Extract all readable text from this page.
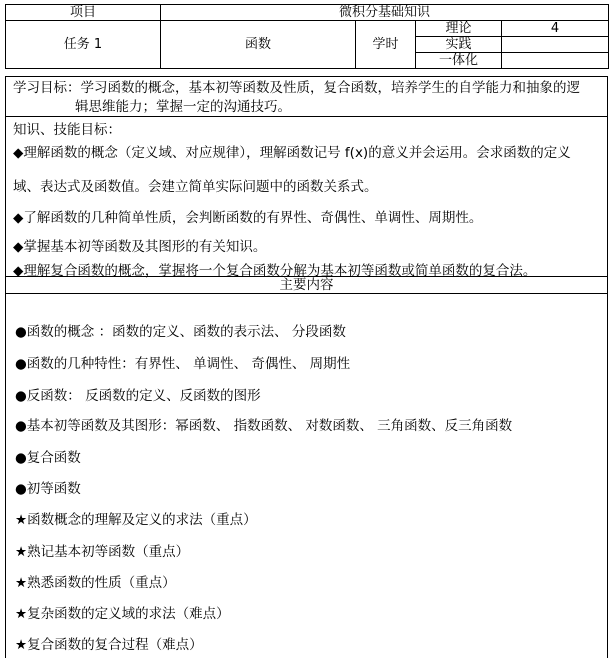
项目	微积分基础知识			
任务 1	函数	学时	理论	4
			实践	
			一体化	
学习目标：学习函数的概念，基本初等函数及性质，复合函数，培养学生的自学能力和抽象的逻
辑思维能力；掌握一定的沟通技巧。
知识、技能目标：
◆理解函数的概念（定义域、对应规律），理解函数记号 f(x)的意义并会运用。会求函数的定义
域、表达式及函数值。会建立简单实际问题中的函数关系式。
◆了解函数的几种简单性质，会判断函数的有界性、奇偶性、单调性、周期性。
◆掌握基本初等函数及其图形的有关知识。
◆理解复合函数的概念，掌握将一个复合函数分解为基本初等函数或简单函数的复合法。
主要内容
●函数的概念 ：函数的定义、函数的表示法、 分段函数
●函数的几种特性：有界性、 单调性、 奇偶性、 周期性
●反函数： 反函数的定义、反函数的图形
●基本初等函数及其图形：幂函数、 指数函数、 对数函数、 三角函数、反三角函数
●复合函数
●初等函数
★函数概念的理解及定义的求法（重点）
★熟记基本初等函数（重点）
★熟悉函数的性质（重点）
★复杂函数的定义域的求法（难点）
★复合函数的复合过程（难点）
